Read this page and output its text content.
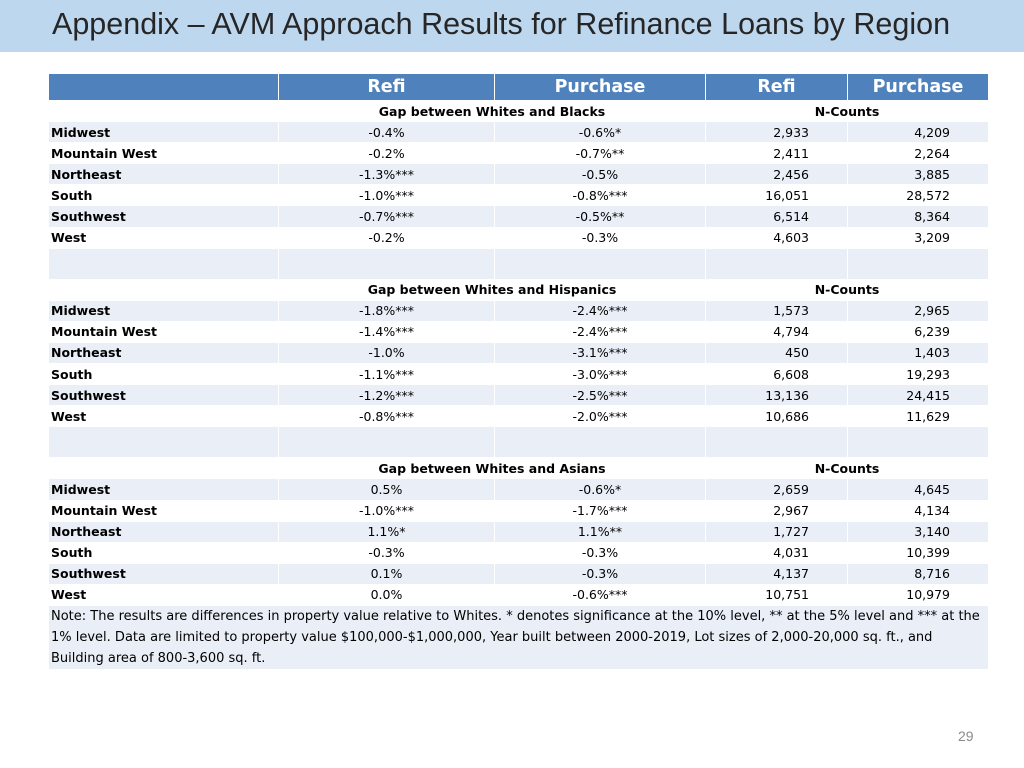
Appendix – AVM Approach Results for Refinance Loans by Region
	Refi	Purchase	Refi	Purchase
	Gap between Whites and Blacks		N-Counts	
Midwest	-0.4%	-0.6%*	2,933	4,209
Mountain West	-0.2%	-0.7%**	2,411	2,264
Northeast	-1.3%***	-0.5%	2,456	3,885
South	-1.0%***	-0.8%***	16,051	28,572
Southwest	-0.7%***	-0.5%**	6,514	8,364
West	-0.2%	-0.3%	4,603	3,209

	Gap between Whites and Hispanics		N-Counts	
Midwest	-1.8%***	-2.4%***	1,573	2,965
Mountain West	-1.4%***	-2.4%***	4,794	6,239
Northeast	-1.0%	-3.1%***	450	1,403
South	-1.1%***	-3.0%***	6,608	19,293
Southwest	-1.2%***	-2.5%***	13,136	24,415
West	-0.8%***	-2.0%***	10,686	11,629

	Gap between Whites and Asians		N-Counts	
Midwest	0.5%	-0.6%*	2,659	4,645
Mountain West	-1.0%***	-1.7%***	2,967	4,134
Northeast	1.1%*	1.1%**	1,727	3,140
South	-0.3%	-0.3%	4,031	10,399
Southwest	0.1%	-0.3%	4,137	8,716
West	0.0%	-0.6%***	10,751	10,979
Note: The results are differences in property value relative to Whites. * denotes significance at the 10% level, ** at the 5% level and *** at the 1% level. Data are limited to property value $100,000-$1,000,000, Year built between 2000-2019, Lot sizes of 2,000-20,000 sq. ft., and Building area of 800-3,600 sq. ft.				
29
